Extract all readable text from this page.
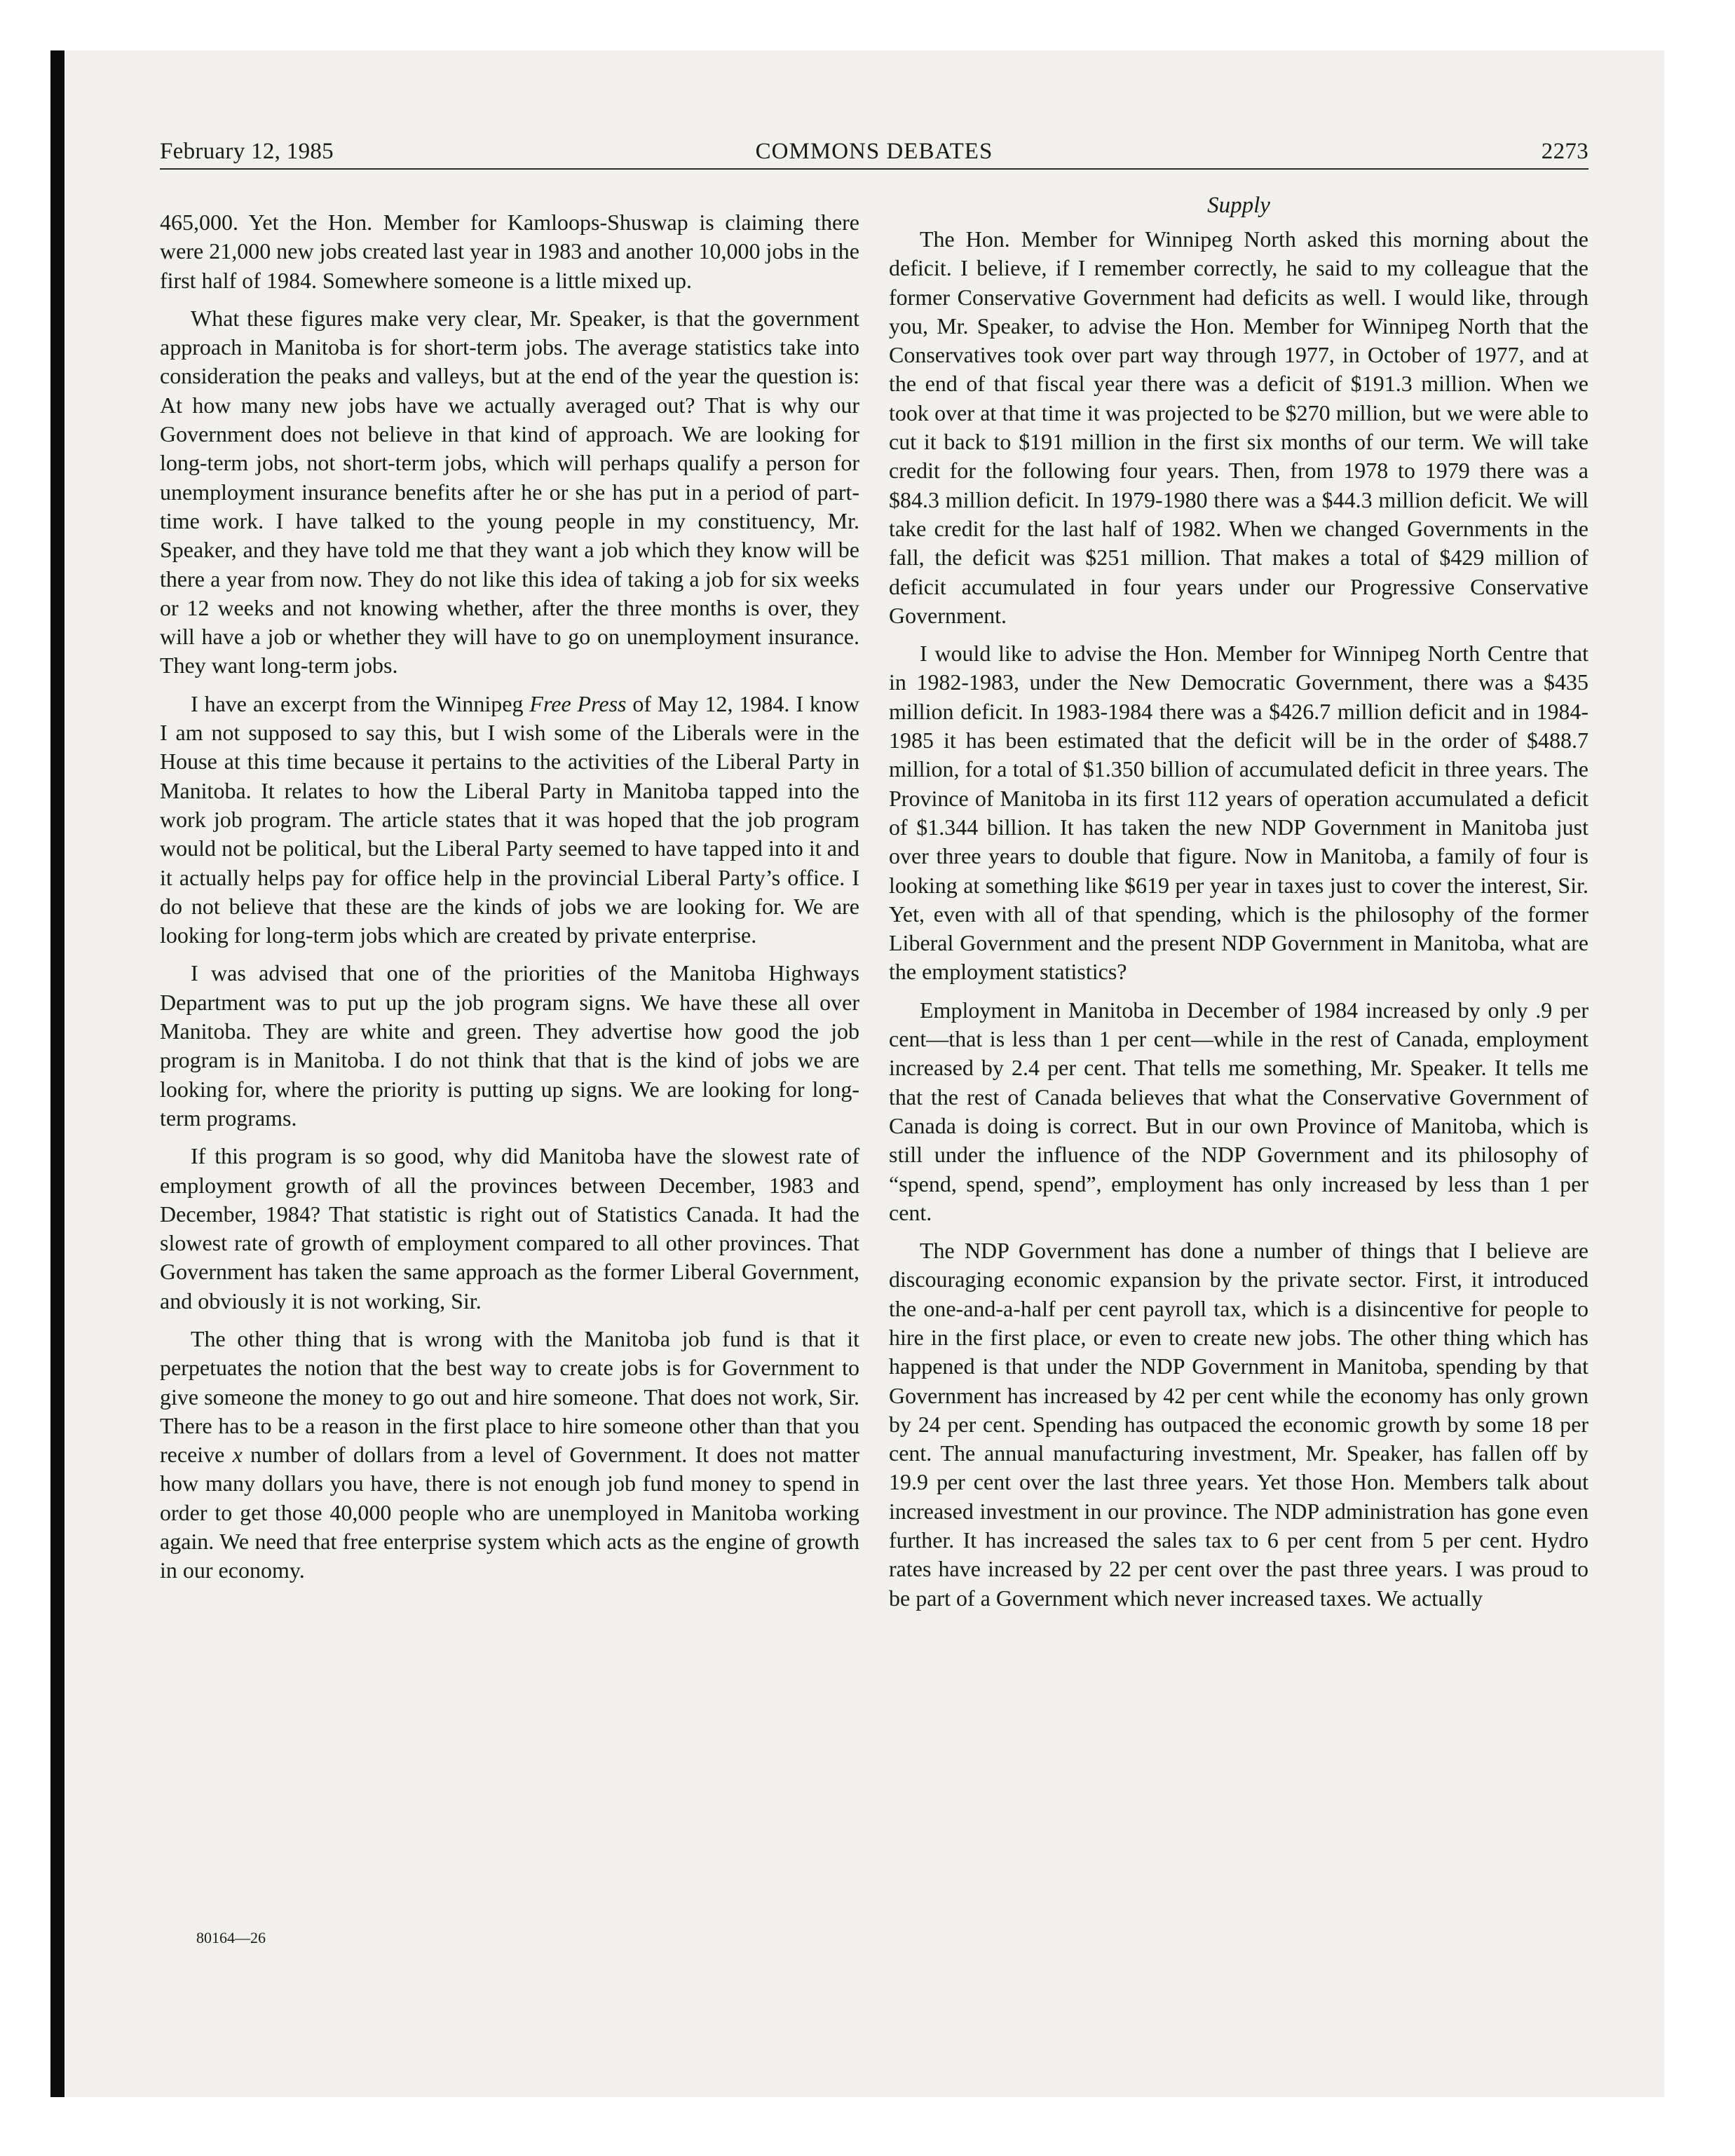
February 12, 1985	COMMONS DEBATES	2273

465,000. Yet the Hon. Member for Kamloops-Shuswap is claiming there were 21,000 new jobs created last year in 1983 and another 10,000 jobs in the first half of 1984. Somewhere someone is a little mixed up.

What these figures make very clear, Mr. Speaker, is that the government approach in Manitoba is for short-term jobs. The average statistics take into consideration the peaks and valleys, but at the end of the year the question is: At how many new jobs have we actually averaged out? That is why our Government does not believe in that kind of approach. We are looking for long-term jobs, not short-term jobs, which will perhaps qualify a person for unemployment insurance benefits after he or she has put in a period of part-time work. I have talked to the young people in my constituency, Mr. Speaker, and they have told me that they want a job which they know will be there a year from now. They do not like this idea of taking a job for six weeks or 12 weeks and not knowing whether, after the three months is over, they will have a job or whether they will have to go on unemployment insurance. They want long-term jobs.

I have an excerpt from the Winnipeg Free Press of May 12, 1984. I know I am not supposed to say this, but I wish some of the Liberals were in the House at this time because it pertains to the activities of the Liberal Party in Manitoba. It relates to how the Liberal Party in Manitoba tapped into the work job program. The article states that it was hoped that the job program would not be political, but the Liberal Party seemed to have tapped into it and it actually helps pay for office help in the provincial Liberal Party’s office. I do not believe that these are the kinds of jobs we are looking for. We are looking for long-term jobs which are created by private enterprise.

I was advised that one of the priorities of the Manitoba Highways Department was to put up the job program signs. We have these all over Manitoba. They are white and green. They advertise how good the job program is in Manitoba. I do not think that that is the kind of jobs we are looking for, where the priority is putting up signs. We are looking for long-term programs.

If this program is so good, why did Manitoba have the slowest rate of employment growth of all the provinces between December, 1983 and December, 1984? That statistic is right out of Statistics Canada. It had the slowest rate of growth of employment compared to all other provinces. That Government has taken the same approach as the former Liberal Government, and obviously it is not working, Sir.

The other thing that is wrong with the Manitoba job fund is that it perpetuates the notion that the best way to create jobs is for Government to give someone the money to go out and hire someone. That does not work, Sir. There has to be a reason in the first place to hire someone other than that you receive x number of dollars from a level of Government. It does not matter how many dollars you have, there is not enough job fund money to spend in order to get those 40,000 people who are unemployed in Manitoba working again. We need that free enterprise system which acts as the engine of growth in our economy.

Supply

The Hon. Member for Winnipeg North asked this morning about the deficit. I believe, if I remember correctly, he said to my colleague that the former Conservative Government had deficits as well. I would like, through you, Mr. Speaker, to advise the Hon. Member for Winnipeg North that the Conservatives took over part way through 1977, in October of 1977, and at the end of that fiscal year there was a deficit of $191.3 million. When we took over at that time it was projected to be $270 million, but we were able to cut it back to $191 million in the first six months of our term. We will take credit for the following four years. Then, from 1978 to 1979 there was a $84.3 million deficit. In 1979-1980 there was a $44.3 million deficit. We will take credit for the last half of 1982. When we changed Governments in the fall, the deficit was $251 million. That makes a total of $429 million of deficit accumulated in four years under our Progressive Conservative Government.

I would like to advise the Hon. Member for Winnipeg North Centre that in 1982-1983, under the New Democratic Government, there was a $435 million deficit. In 1983-1984 there was a $426.7 million deficit and in 1984-1985 it has been estimated that the deficit will be in the order of $488.7 million, for a total of $1.350 billion of accumulated deficit in three years. The Province of Manitoba in its first 112 years of operation accumulated a deficit of $1.344 billion. It has taken the new NDP Government in Manitoba just over three years to double that figure. Now in Manitoba, a family of four is looking at something like $619 per year in taxes just to cover the interest, Sir. Yet, even with all of that spending, which is the philosophy of the former Liberal Government and the present NDP Government in Manitoba, what are the employment statistics?

Employment in Manitoba in December of 1984 increased by only .9 per cent—that is less than 1 per cent—while in the rest of Canada, employment increased by 2.4 per cent. That tells me something, Mr. Speaker. It tells me that the rest of Canada believes that what the Conservative Government of Canada is doing is correct. But in our own Province of Manitoba, which is still under the influence of the NDP Government and its philosophy of “spend, spend, spend”, employment has only increased by less than 1 per cent.

The NDP Government has done a number of things that I believe are discouraging economic expansion by the private sector. First, it introduced the one-and-a-half per cent payroll tax, which is a disincentive for people to hire in the first place, or even to create new jobs. The other thing which has happened is that under the NDP Government in Manitoba, spending by that Government has increased by 42 per cent while the economy has only grown by 24 per cent. Spending has outpaced the economic growth by some 18 per cent. The annual manufacturing investment, Mr. Speaker, has fallen off by 19.9 per cent over the last three years. Yet those Hon. Members talk about increased investment in our province. The NDP administration has gone even further. It has increased the sales tax to 6 per cent from 5 per cent. Hydro rates have increased by 22 per cent over the past three years. I was proud to be part of a Government which never increased taxes. We actually

80164—26
